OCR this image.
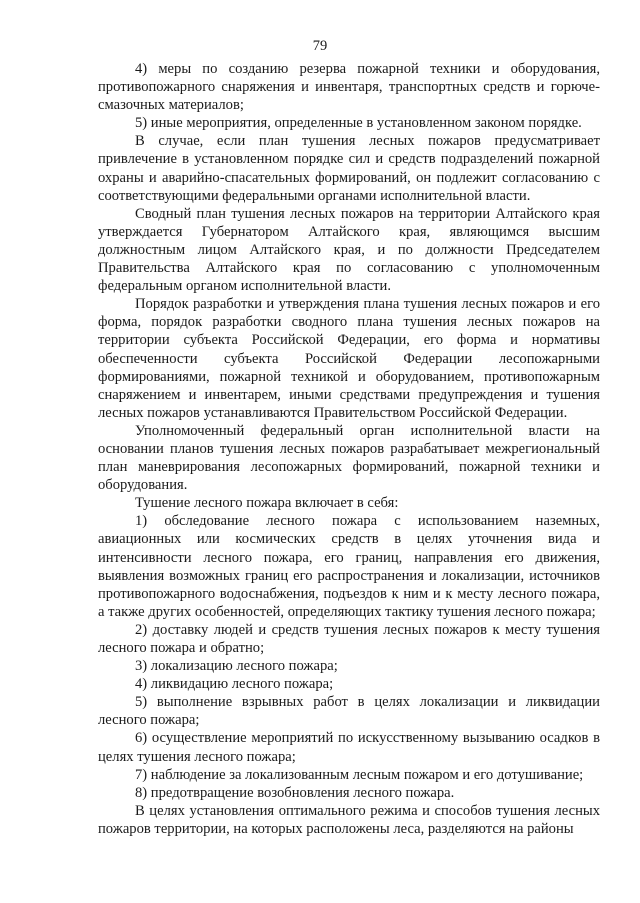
79

4) меры по созданию резерва пожарной техники и оборудования, противопожарного снаряжения и инвентаря, транспортных средств и горюче-смазочных материалов;

5) иные мероприятия, определенные в установленном законом порядке.

В случае, если план тушения лесных пожаров предусматривает привлечение в установленном порядке сил и средств подразделений пожарной охраны и аварийно-спасательных формирований, он подлежит согласованию с соответствующими федеральными органами исполнительной власти.

Сводный план тушения лесных пожаров на территории Алтайского края утверждается Губернатором Алтайского края, являющимся высшим должностным лицом Алтайского края, и по должности Председателем Правительства Алтайского края по согласованию с уполномоченным федеральным органом исполнительной власти.

Порядок разработки и утверждения плана тушения лесных пожаров и его форма, порядок разработки сводного плана тушения лесных пожаров на территории субъекта Российской Федерации, его форма и нормативы обеспеченности субъекта Российской Федерации лесопожарными формированиями, пожарной техникой и оборудованием, противопожарным снаряжением и инвентарем, иными средствами предупреждения и тушения лесных пожаров устанавливаются Правительством Российской Федерации.

Уполномоченный федеральный орган исполнительной власти на основании планов тушения лесных пожаров разрабатывает межрегиональный план маневрирования лесопожарных формирований, пожарной техники и оборудования.

Тушение лесного пожара включает в себя:

1) обследование лесного пожара с использованием наземных, авиационных или космических средств в целях уточнения вида и интенсивности лесного пожара, его границ, направления его движения, выявления возможных границ его распространения и локализации, источников противопожарного водоснабжения, подъездов к ним и к месту лесного пожара, а также других особенностей, определяющих тактику тушения лесного пожара;

2) доставку людей и средств тушения лесных пожаров к месту тушения лесного пожара и обратно;

3) локализацию лесного пожара;

4) ликвидацию лесного пожара;

5) выполнение взрывных работ в целях локализации и ликвидации лесного пожара;

6) осуществление мероприятий по искусственному вызыванию осадков в целях тушения лесного пожара;

7) наблюдение за локализованным лесным пожаром и его дотушивание;

8) предотвращение возобновления лесного пожара.

В целях установления оптимального режима и способов тушения лесных пожаров территории, на которых расположены леса, разделяются на районы
